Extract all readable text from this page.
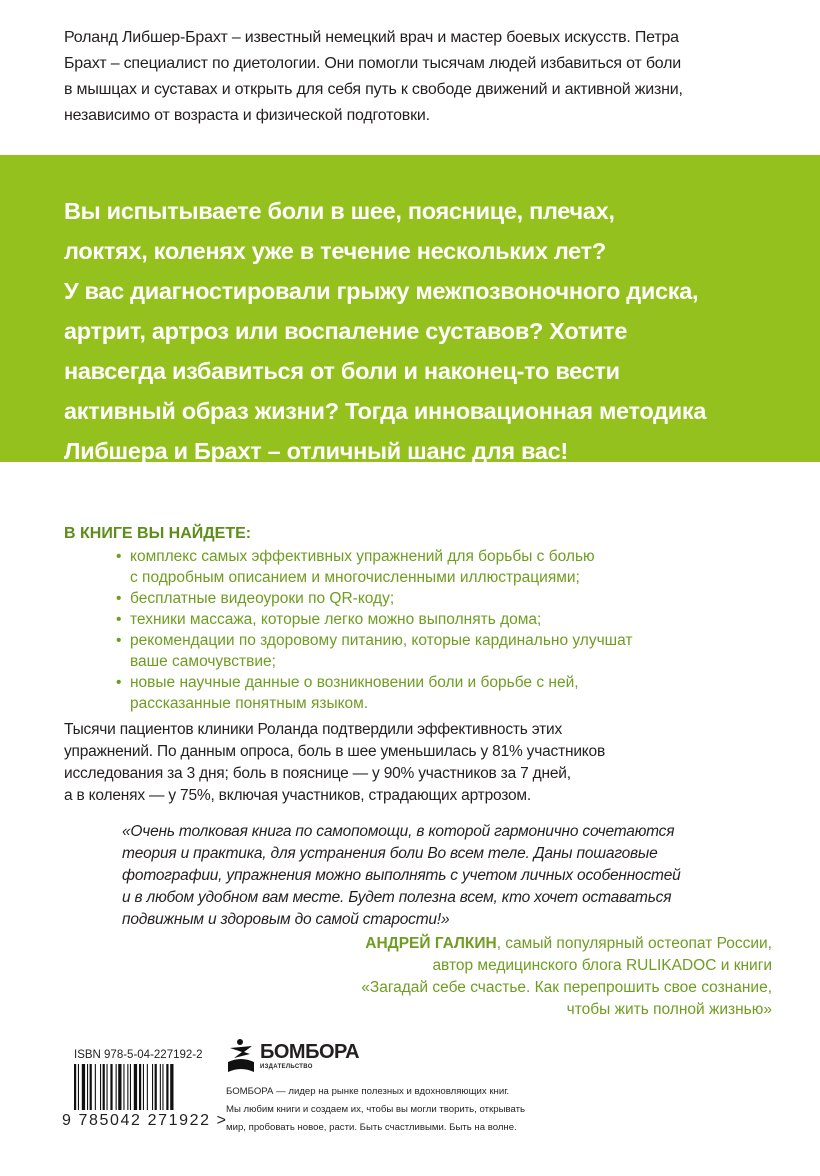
Роланд Либшер-Брахт – известный немецкий врач и мастер боевых искусств. Петра
Брахт – специалист по диетологии. Они помогли тысячам людей избавиться от боли
в мышцах и суставах и открыть для себя путь к свободе движений и активной жизни,
независимо от возраста и физической подготовки.
Вы испытываете боли в шее, пояснице, плечах,
локтях, коленях уже в течение нескольких лет?
У вас диагностировали грыжу межпозвоночного диска,
артрит, артроз или воспаление суставов? Хотите
навсегда избавиться от боли и наконец-то вести
активный образ жизни? Тогда инновационная методика
Либшера и Брахт – отличный шанс для вас!
В КНИГЕ ВЫ НАЙДЕТЕ:
• комплекс самых эффективных упражнений для борьбы с болью
с подробным описанием и многочисленными иллюстрациями;
• бесплатные видеоуроки по QR-коду;
• техники массажа, которые легко можно выполнять дома;
• рекомендации по здоровому питанию, которые кардинально улучшат
ваше самочувствие;
• новые научные данные о возникновении боли и борьбе с ней,
рассказанные понятным языком.
Тысячи пациентов клиники Роланда подтвердили эффективность этих
упражнений. По данным опроса, боль в шее уменьшилась у 81% участников
исследования за 3 дня; боль в пояснице — у 90% участников за 7 дней,
а в коленях — у 75%, включая участников, страдающих артрозом.
«Очень толковая книга по самопомощи, в которой гармонично сочетаются
теория и практика, для устранения боли Во всем теле. Даны пошаговые
фотографии, упражнения можно выполнять с учетом личных особенностей
и в любом удобном вам месте. Будет полезна всем, кто хочет оставаться
подвижным и здоровым до самой старости!»
АНДРЕЙ ГАЛКИН, самый популярный остеопат России,
автор медицинского блога RULIKADOC и книги
«Загадай себе счастье. Как перепрошить свое сознание,
чтобы жить полной жизнью»
ISBN 978-5-04-227192-2
9 785042 271922 >
БОМБОРА
ИЗДАТЕЛЬСТВО
БОМБОРА — лидер на рынке полезных и вдохновляющих книг.
Мы любим книги и создаем их, чтобы вы могли творить, открывать
мир, пробовать новое, расти. Быть счастливыми. Быть на волне.
